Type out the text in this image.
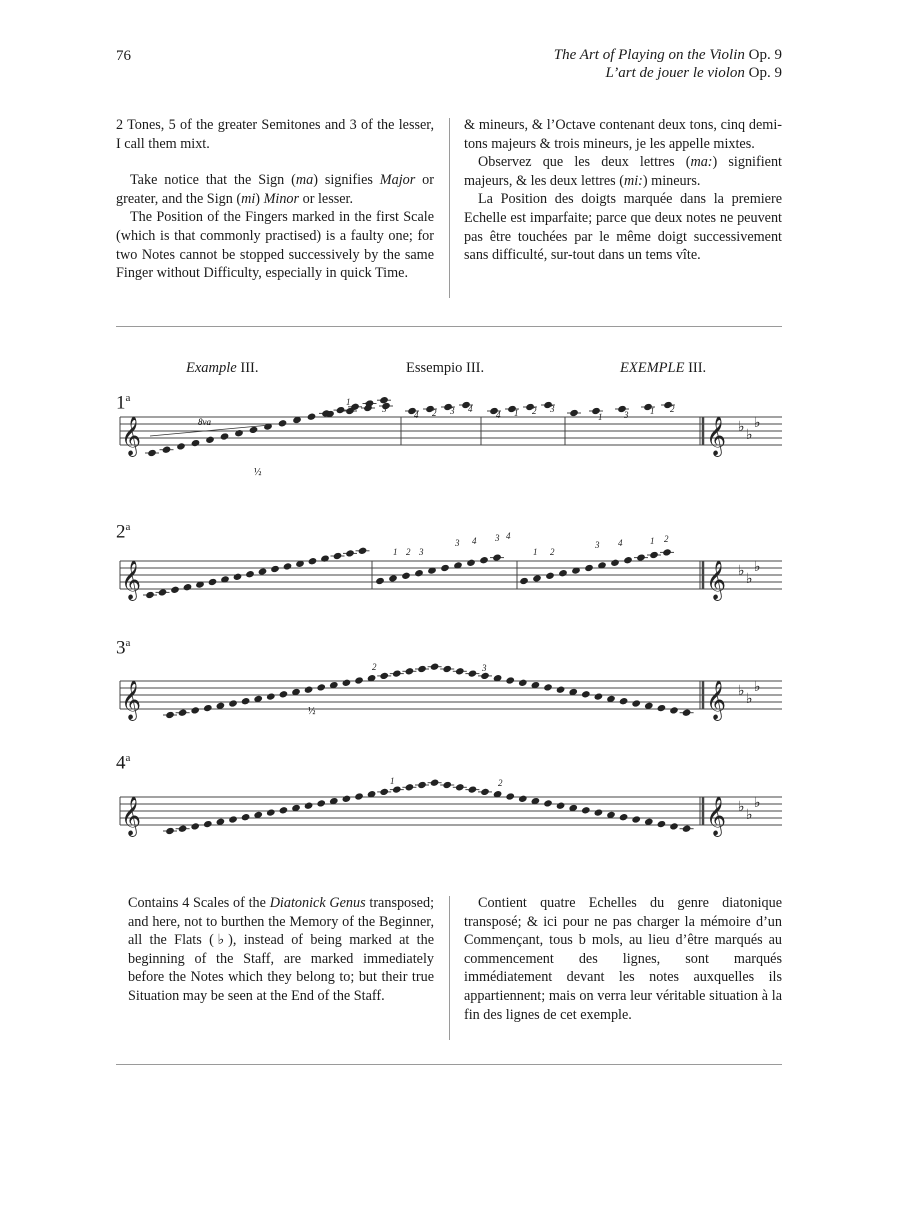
76	The Art of Playing on the Violin Op. 9
L’art de jouer le violon Op. 9

2 Tones, 5 of the greater Semitones and 3 of the lesser, I call them mixt.

Take notice that the Sign (ma) signifies Major or greater, and the Sign (mi) Minor or lesser.

The Position of the Fingers marked in the first Scale (which is that commonly practised) is a faulty one; for two Notes cannot be stopped successively by the same Finger without Difficulty, especially in quick Time.

& mineurs, & l’Octave contenant deux tons, cinq demi-tons majeurs & trois mineurs, je les appelle mixtes.

Observez que les deux lettres (ma:) signifient majeurs, & les deux lettres (mi:) mineurs.

La Position des doigts marquée dans la premiere Echelle est imparfaite; parce que deux notes ne peuvent pas être touchées par le même doigt successivement sans difficulté, sur-tout dans un tems vîte.

Example III.	Essempio III.	EXEMPLE III.
1$^a$
2$^a$
3$^a$
4$^a$
𝄞	𝄞 ♭
♭
♭
𝄞	𝄞 ♭
♭
♭
𝄞	𝄞 ♭
♭
♭
𝄞	𝄞 ♭
♭
♭
1 2 3
4 2 3 4
4 1 2 3
1 3 1 2
1 2 3
3 4 3 4
1 2
3 4	1 2
2	3
1	2
8va
½
½

Contains 4 Scales of the Diatonick Genus transposed; and here, not to burthen the Memory of the Beginner, all the Flats (♭), instead of being marked at the beginning of the Staff, are marked immediately before the Notes which they belong to; but their true Situation may be seen at the End of the Staff.

Contient quatre Echelles du genre diatonique transposé; & ici pour ne pas charger la mémoire d’un Commençant, tous b mols, au lieu d’être marqués au commencement des lignes, sont marqués immédiatement devant les notes auxquelles ils appartiennent; mais on verra leur véritable situation à la fin des lignes de cet exemple.
